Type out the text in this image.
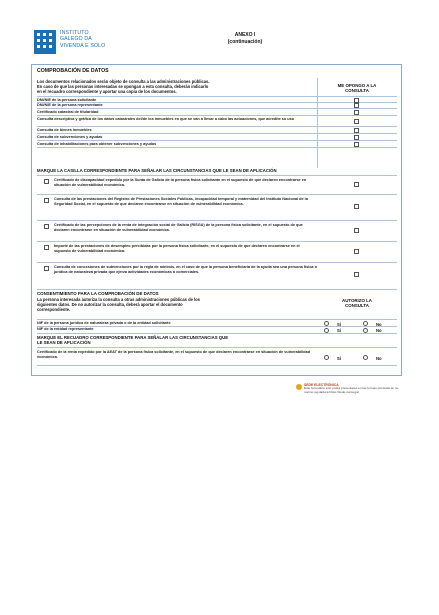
INSTITUTO
GALEGO DA
VIVENDA E SOLO
ANEXO I
(continuación)
COMPROBACIÓN DE DATOS
Los documentos relacionados serán objeto de consulta a las administraciones públicas.
En caso de que las personas interesadas se opongan a esta consulta, deberán indicarlo
en el recuadro correspondiente y aportar una copia de los documentos.
ME OPONGO A LA
CONSULTA
DNI/NIE de la persona solicitante
DNI/NIE de la persona representante
Certificado catastral de titularidad
Consulta descriptiva y gráfica de los datos catastrales del/de los inmuebles en que se van a llevar a cabo las actuaciones, que acredite su uso
Consulta de bienes inmuebles
Consulta de subvenciones y ayudas
Consulta de inhabilitaciones para obtener subvenciones y ayudas
MARQUE LA CASILLA CORRESPONDIENTE PARA SEÑALAR LAS CIRCUNSTANCIAS QUE LE SEAN DE APLICACIÓN
Certificado de discapacidad expedido por la Xunta de Galicia de la persona física solicitante en el supuesto de que declaren encontrarse en situación de vulnerabilidad económica.
Consulta de las prestaciones del Registro de Prestaciones Sociales Públicas, incapacidad temporal y maternidad del Instituto Nacional de la Seguridad Social, en el supuesto de que declaren encontrarse en situación de vulnerabilidad económica.
Certificado de las percepciones de la renta de integración social de Galicia (RISGA) de la persona física solicitante, en el supuesto de que declaren encontrarse en situación de vulnerabilidad económica.
Importe de las prestaciones de desempleo percibidas por la persona física solicitante, en el supuesto de que declaren encontrarse en el supuesto de vulnerabilidad económica.
Consulta de concesiones de subvenciones por la regla de minimis, en el caso de que la persona beneficiaria de la ayuda sea una persona física o jurídica de naturaleza privada que ejerza actividades económicas o comerciales.
CONSENTIMIENTO PARA LA COMPROBACIÓN DE DATOS
La persona interesada autoriza la consulta a otras administraciones públicas de los
siguientes datos. De no autorizar la consulta, deberá aportar el documento
correspondiente.
AUTORIZO LA
CONSULTA
NIF de la persona jurídica de naturaleza privada o de la entidad solicitante	Sí	No
NIF de la entidad representante	Sí	No
MARQUE EL RECUADRO CORRESPONDIENTE PARA SEÑALAR LAS CIRCUNSTANCIAS QUE
LE SEAN DE APLICACIÓN
Certificado de la renta expedido por la AEAT de la persona física solicitante, en el supuesto de que declaren encontrarse en situación de vulnerabilidad económica.	Sí	No
SEDE ELECTRÓNICA
Este formulario sólo podrá presentarse en las formas previstas en su norma reguladora https://sede.xunta.gal
